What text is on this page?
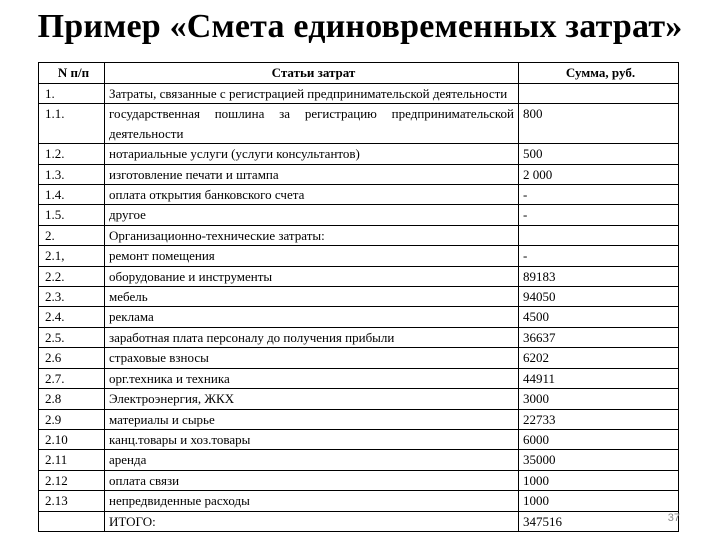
Пример «Смета единовременных затрат»
N п/п	Статьи затрат	Сумма, руб.
1.	Затраты, связанные с регистрацией предпринимательской деятельности	
1.1.	государственная пошлина за регистрацию предпринимательской деятельности	800
1.2.	нотариальные услуги (услуги консультантов)	500
1.3.	изготовление печати и штампа	2 000
1.4.	оплата открытия банковского счета	-
1.5.	другое	-
2.	Организационно-технические затраты:	
2.1,	ремонт помещения	-
2.2.	оборудование и инструменты	89183
2.3.	мебель	94050
2.4.	реклама	4500
2.5.	заработная плата персоналу до получения прибыли	36637
2.6	страховые взносы	6202
2.7.	орг.техника и техника	44911
2.8	Электроэнергия, ЖКХ	3000
2.9	материалы и сырье	22733
2.10	канц.товары и хоз.товары	6000
2.11	аренда	35000
2.12	оплата связи	1000
2.13	непредвиденные расходы	1000
	ИТОГО:	347516	37
